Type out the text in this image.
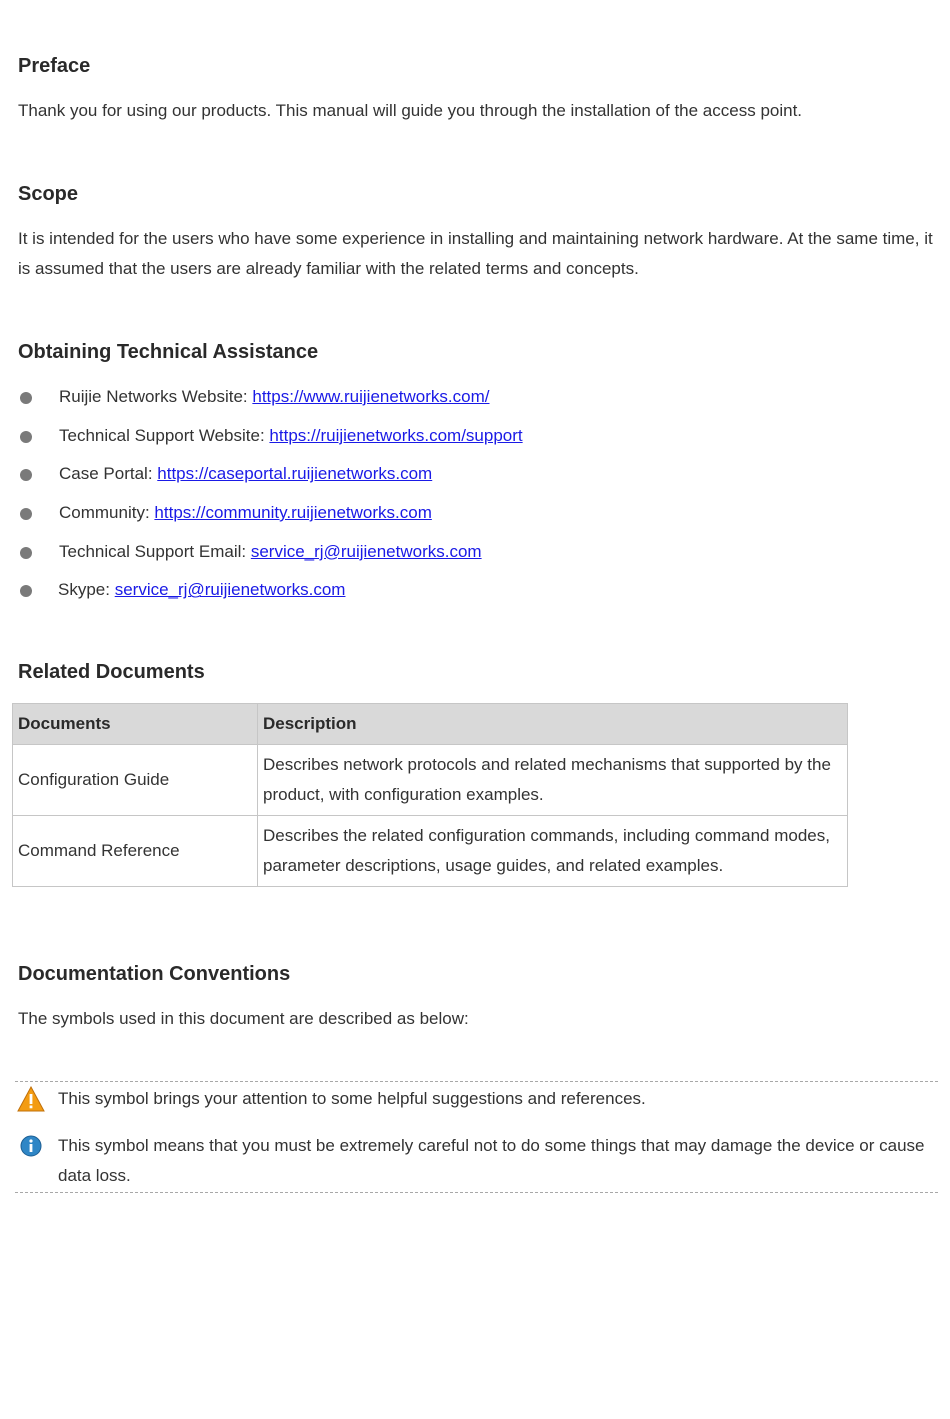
Preface

Thank you for using our products. This manual will guide you through the installation of the access point.

Scope

It is intended for the users who have some experience in installing and maintaining network hardware. At the same time, it is assumed that the users are already familiar with the related terms and concepts.

Obtaining Technical Assistance
Ruijie Networks Website: https://www.ruijienetworks.com/
Technical Support Website: https://ruijienetworks.com/support
Case Portal: https://caseportal.ruijienetworks.com
Community: https://community.ruijienetworks.com
Technical Support Email: service_rj@ruijienetworks.com
Skype: service_rj@ruijienetworks.com
Related Documents
Documents	Description
Configuration Guide	Describes network protocols and related mechanisms that supported by the product, with configuration examples.
Command Reference	Describes the related configuration commands, including command modes, parameter descriptions, usage guides, and related examples.
Documentation Conventions

The symbols used in this document are described as below:

This symbol brings your attention to some helpful suggestions and references.
This symbol means that you must be extremely careful not to do some things that may damage the device or cause data loss.
